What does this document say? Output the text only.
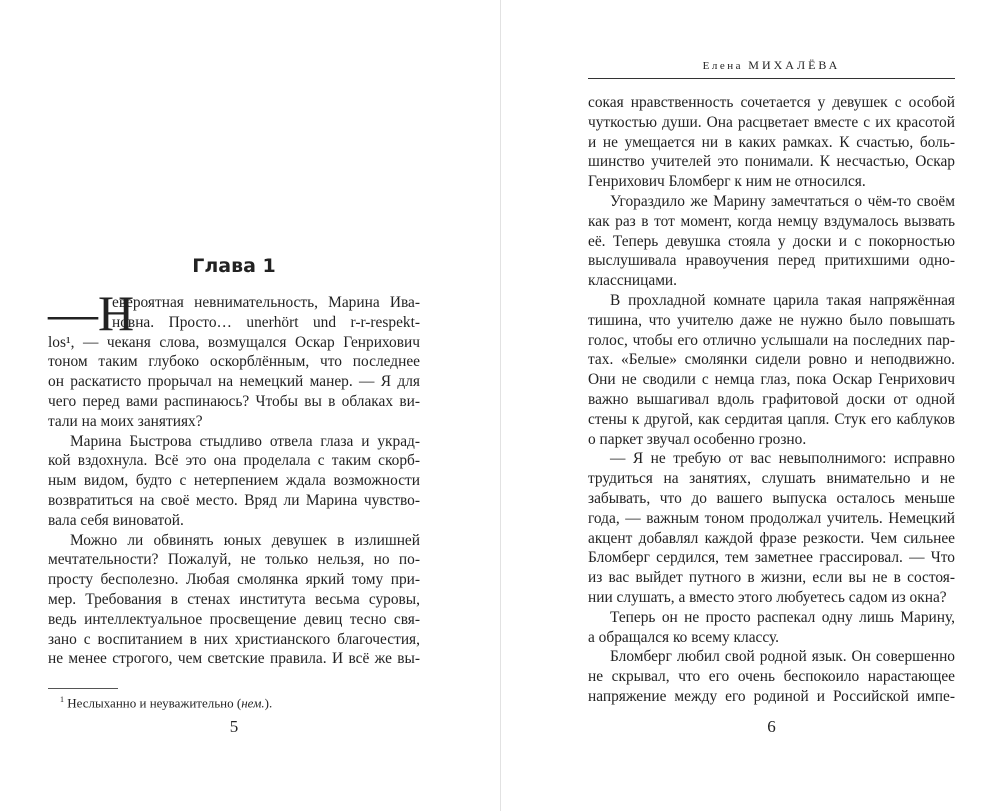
Глава 1
—Н
евероятная невнимательность, Марина Ива-
новна. Просто… unerhört und r-r-respekt-
los¹, — чеканя слова, возмущался Оскар Генрихович
тоном таким глубоко оскорблённым, что последнее
он раскатисто прорычал на немецкий манер. — Я для
чего перед вами распинаюсь? Чтобы вы в облаках ви-
тали на моих занятиях?
Марина Быстрова стыдливо отвела глаза и украд-
кой вздохнула. Всё это она проделала с таким скорб-
ным видом, будто с нетерпением ждала возможности
возвратиться на своё место. Вряд ли Марина чувство-
вала себя виноватой.
Можно ли обвинять юных девушек в излишней
мечтательности? Пожалуй, не только нельзя, но по-
просту бесполезно. Любая смолянка яркий тому при-
мер. Требования в стенах института весьма суровы,
ведь интеллектуальное просвещение девиц тесно свя-
зано с воспитанием в них христианского благочестия,
не менее строгого, чем светские правила. И всё же вы-
$^1$ Неслыханно и неуважительно (нем.).
5
Елена МИХАЛЁВА
сокая нравственность сочетается у девушек с особой
чуткостью души. Она расцветает вместе с их красотой
и не умещается ни в каких рамках. К счастью, боль-
шинство учителей это понимали. К несчастью, Оскар
Генрихович Бломберг к ним не относился.
Угораздило же Марину замечтаться о чём-то своём
как раз в тот момент, когда немцу вздумалось вызвать
её. Теперь девушка стояла у доски и с покорностью
выслушивала нравоучения перед притихшими одно-
классницами.
В прохладной комнате царила такая напряжённая
тишина, что учителю даже не нужно было повышать
голос, чтобы его отлично услышали на последних пар-
тах. «Белые» смолянки сидели ровно и неподвижно.
Они не сводили с немца глаз, пока Оскар Генрихович
важно вышагивал вдоль графитовой доски от одной
стены к другой, как сердитая цапля. Стук его каблуков
о паркет звучал особенно грозно.
— Я не требую от вас невыполнимого: исправно
трудиться на занятиях, слушать внимательно и не
забывать, что до вашего выпуска осталось меньше
года, — важным тоном продолжал учитель. Немецкий
акцент добавлял каждой фразе резкости. Чем сильнее
Бломберг сердился, тем заметнее грассировал. — Что
из вас выйдет путного в жизни, если вы не в состоя-
нии слушать, а вместо этого любуетесь садом из окна?
Теперь он не просто распекал одну лишь Марину,
а обращался ко всему классу.
Бломберг любил свой родной язык. Он совершенно
не скрывал, что его очень беспокоило нарастающее
напряжение между его родиной и Российской импе-
6
